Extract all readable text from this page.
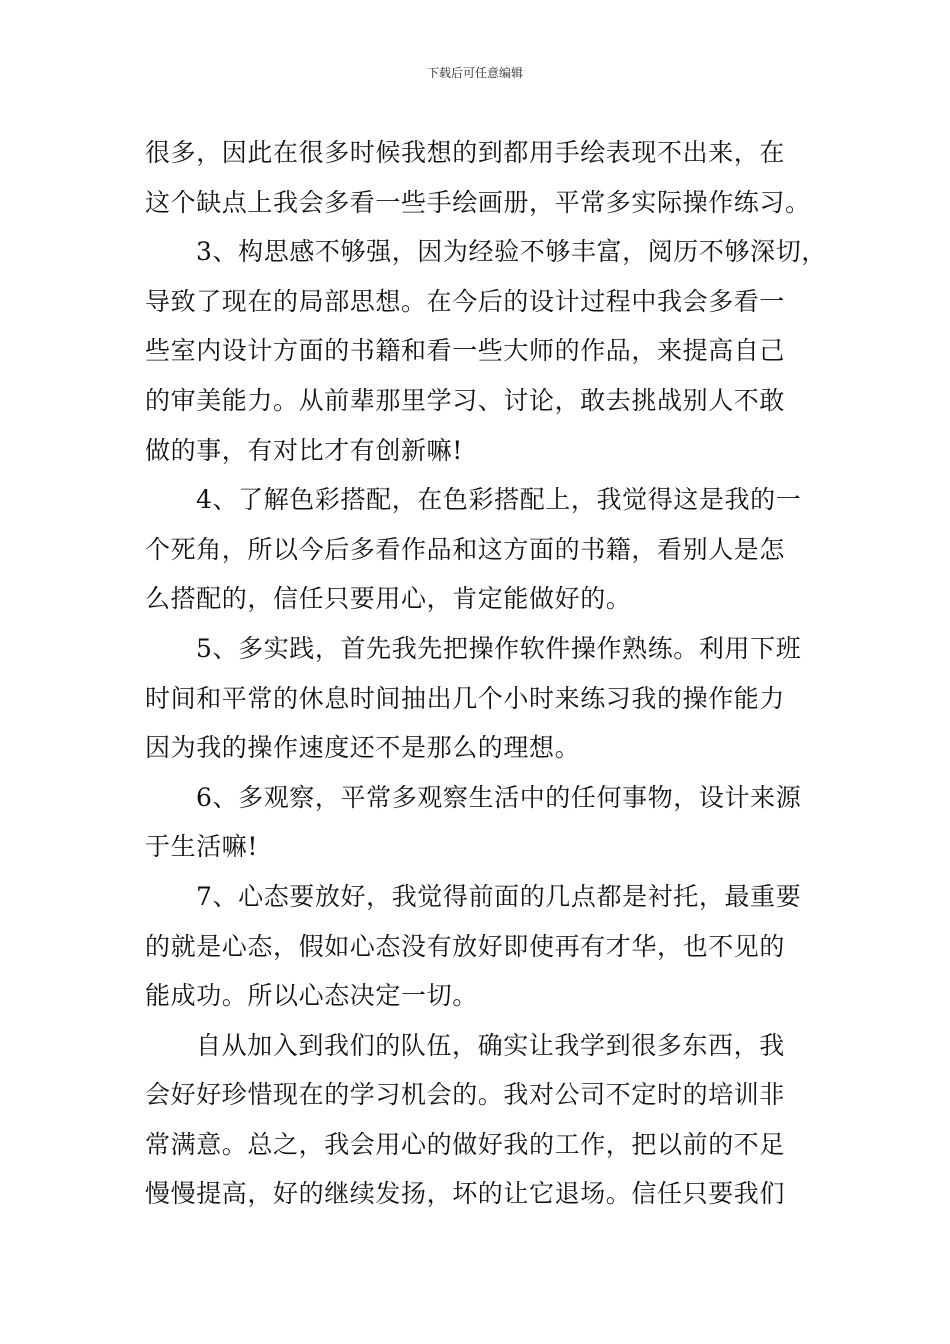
下载后可任意编辑

很多，因此在很多时候我想的到都用手绘表现不出来，在

这个缺点上我会多看一些手绘画册，平常多实际操作练习。

3、构思感不够强，因为经验不够丰富，阅历不够深切，

导致了现在的局部思想。在今后的设计过程中我会多看一

些室内设计方面的书籍和看一些大师的作品，来提高自己

的审美能力。从前辈那里学习、讨论，敢去挑战别人不敢

做的事，有对比才有创新嘛!

4、了解色彩搭配，在色彩搭配上，我觉得这是我的一

个死角，所以今后多看作品和这方面的书籍，看别人是怎

么搭配的，信任只要用心，肯定能做好的。

5、多实践，首先我先把操作软件操作熟练。利用下班

时间和平常的休息时间抽出几个小时来练习我的操作能力

因为我的操作速度还不是那么的理想。

6、多观察，平常多观察生活中的任何事物，设计来源

于生活嘛!

7、心态要放好，我觉得前面的几点都是衬托，最重要

的就是心态，假如心态没有放好即使再有才华，也不见的

能成功。所以心态决定一切。

自从加入到我们的队伍，确实让我学到很多东西，我

会好好珍惜现在的学习机会的。我对公司不定时的培训非

常满意。总之，我会用心的做好我的工作，把以前的不足

慢慢提高，好的继续发扬，坏的让它退场。信任只要我们
